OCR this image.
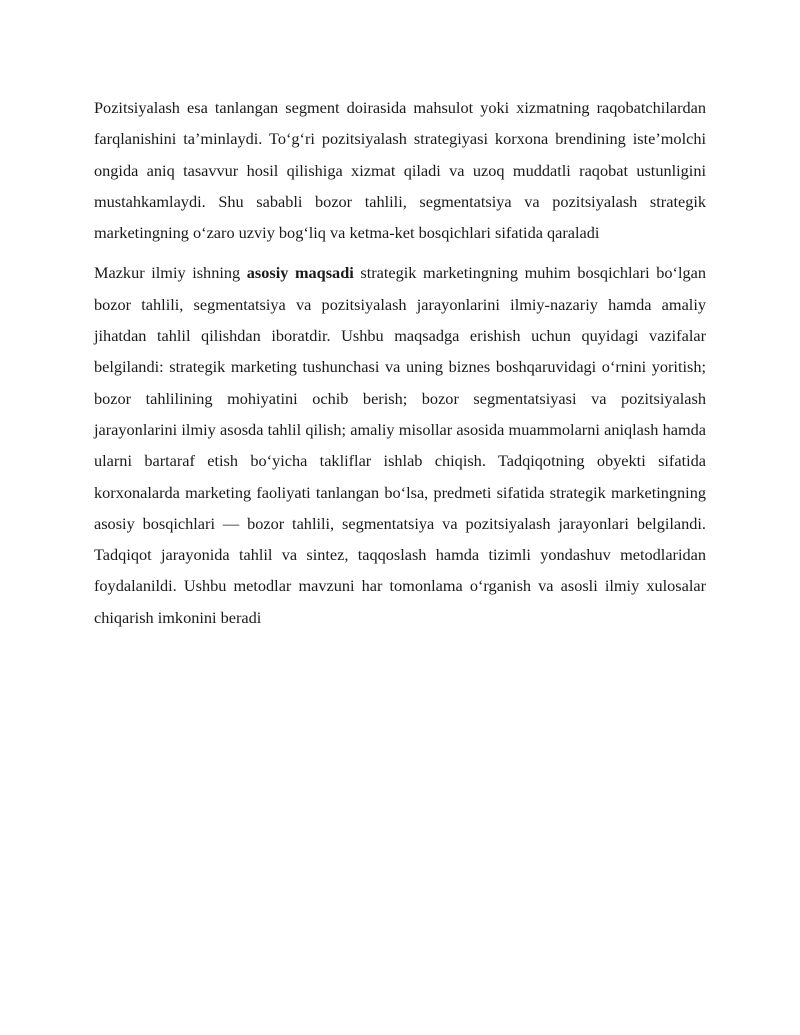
Pozitsiyalash esa tanlangan segment doirasida mahsulot yoki xizmatning raqobatchilardan farqlanishini ta’minlaydi. To‘g‘ri pozitsiyalash strategiyasi korxona brendining iste’molchi ongida aniq tasavvur hosil qilishiga xizmat qiladi va uzoq muddatli raqobat ustunligini mustahkamlaydi. Shu sababli bozor tahlili, segmentatsiya va pozitsiyalash strategik marketingning o‘zaro uzviy bog‘liq va ketma-ket bosqichlari sifatida qaraladi

Mazkur ilmiy ishning asosiy maqsadi strategik marketingning muhim bosqichlari bo‘lgan bozor tahlili, segmentatsiya va pozitsiyalash jarayonlarini ilmiy-nazariy hamda amaliy jihatdan tahlil qilishdan iboratdir. Ushbu maqsadga erishish uchun quyidagi vazifalar belgilandi: strategik marketing tushunchasi va uning biznes boshqaruvidagi o‘rnini yoritish; bozor tahlilining mohiyatini ochib berish; bozor segmentatsiyasi va pozitsiyalash jarayonlarini ilmiy asosda tahlil qilish; amaliy misollar asosida muammolarni aniqlash hamda ularni bartaraf etish bo‘yicha takliflar ishlab chiqish. Tadqiqotning obyekti sifatida korxonalarda marketing faoliyati tanlangan bo‘lsa, predmeti sifatida strategik marketingning asosiy bosqichlari — bozor tahlili, segmentatsiya va pozitsiyalash jarayonlari belgilandi. Tadqiqot jarayonida tahlil va sintez, taqqoslash hamda tizimli yondashuv metodlaridan foydalanildi. Ushbu metodlar mavzuni har tomonlama o‘rganish va asosli ilmiy xulosalar chiqarish imkonini beradi
